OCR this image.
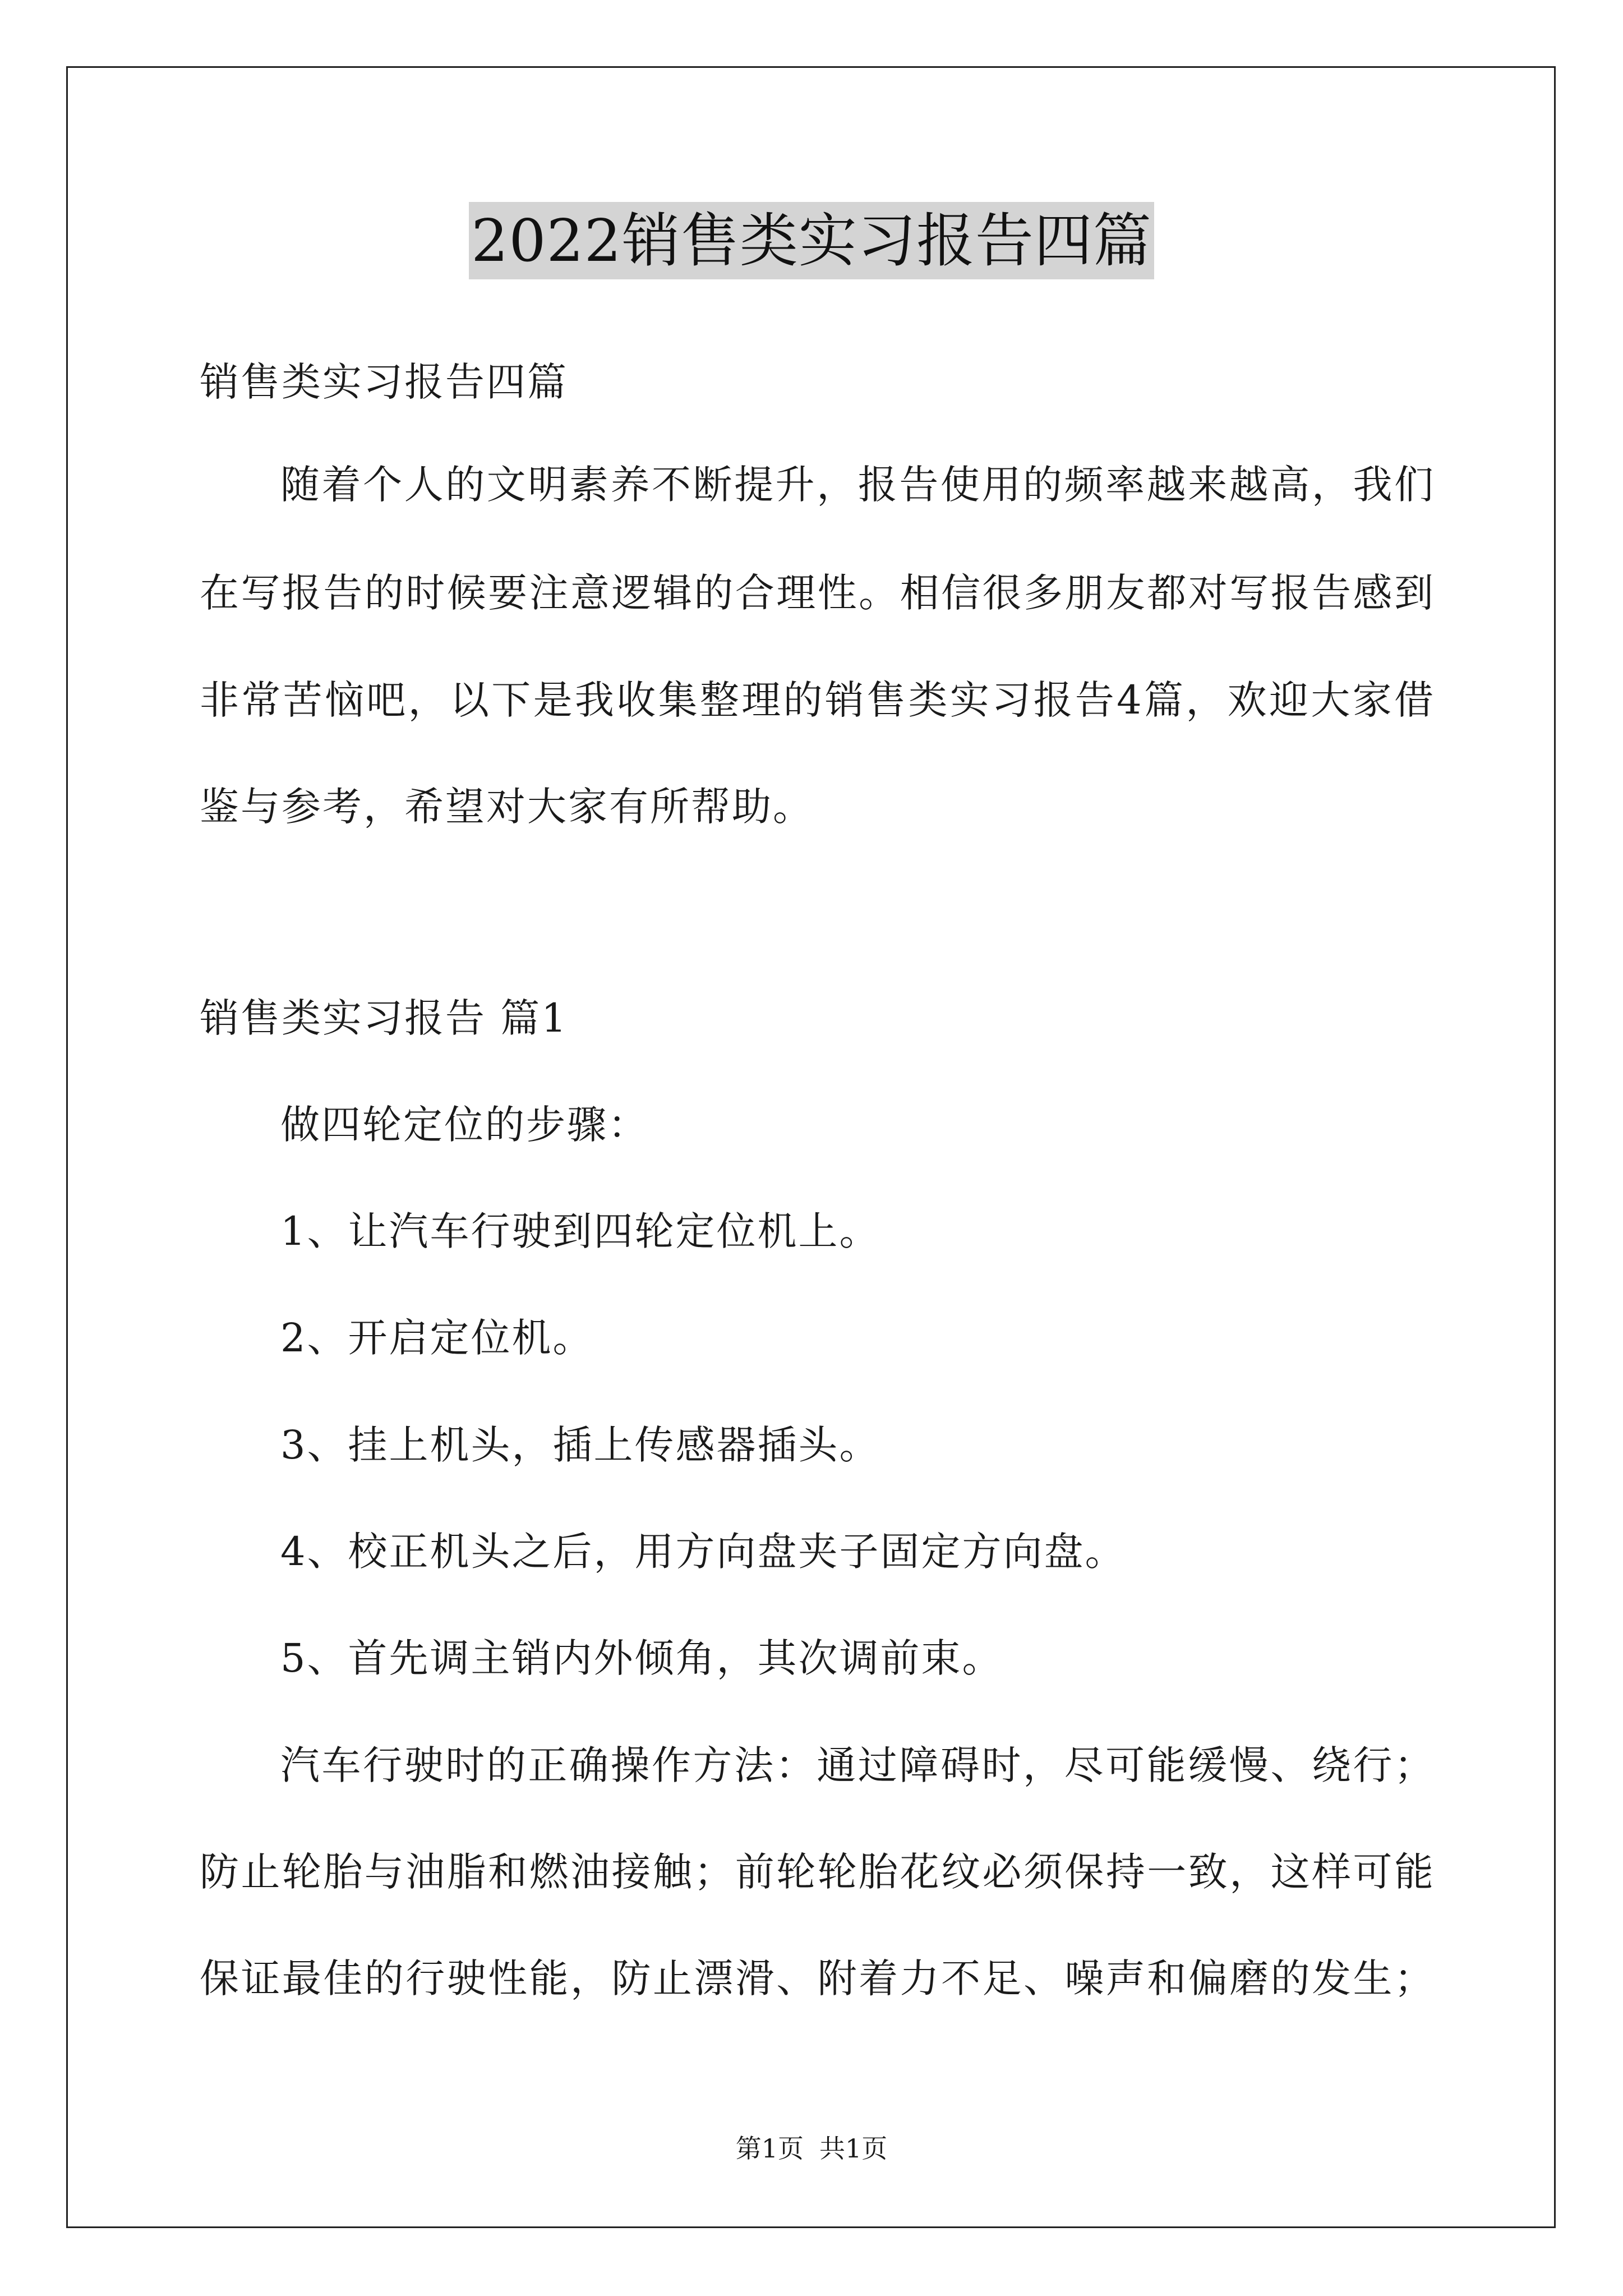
2022销售类实习报告四篇
销售类实习报告四篇
随着个人的文明素养不断提升，报告使用的频率越来越高，我们
在写报告的时候要注意逻辑的合理性。相信很多朋友都对写报告感到
非常苦恼吧，以下是我收集整理的销售类实习报告4篇，欢迎大家借
鉴与参考，希望对大家有所帮助。
销售类实习报告 篇1
做四轮定位的步骤：
1、让汽车行驶到四轮定位机上。
2、开启定位机。
3、挂上机头，插上传感器插头。
4、校正机头之后，用方向盘夹子固定方向盘。
5、首先调主销内外倾角，其次调前束。
汽车行驶时的正确操作方法：通过障碍时，尽可能缓慢、绕行；
防止轮胎与油脂和燃油接触；前轮轮胎花纹必须保持一致，这样可能
保证最佳的行驶性能，防止漂滑、附着力不足、噪声和偏磨的发生；
第1页 共1页
